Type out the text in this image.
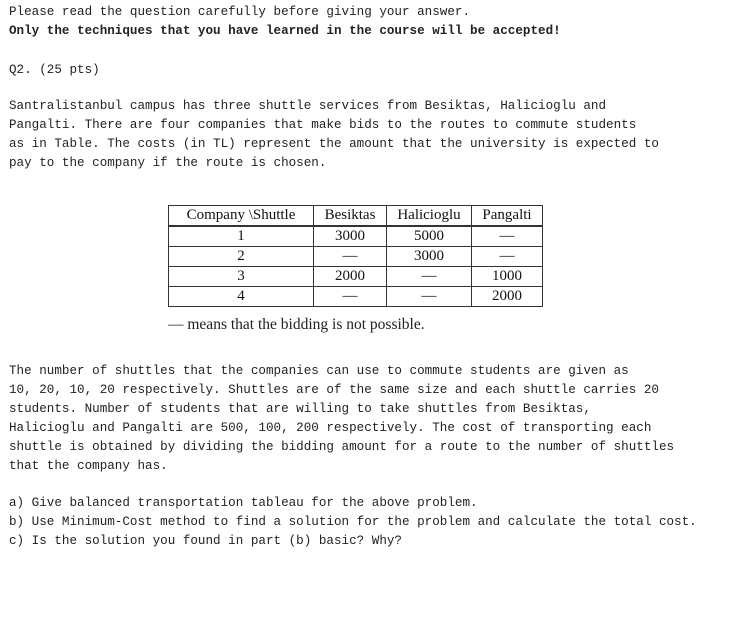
Please read the question carefully before giving your answer.
Only the techniques that you have learned in the course will be accepted!
Q2. (25 pts)
Santralistanbul campus has three shuttle services from Besiktas, Halicioglu and
Pangalti. There are four companies that make bids to the routes to commute students
as in Table. The costs (in TL) represent the amount that the university is expected to
pay to the company if the route is chosen.
Company \Shuttle	Besiktas	Halicioglu	Pangalti
1	3000	5000	—
2	—	3000	—
3	2000	—	1000
4	—	—	2000
— means that the bidding is not possible.
The number of shuttles that the companies can use to commute students are given as
10, 20, 10, 20 respectively. Shuttles are of the same size and each shuttle carries 20
students. Number of students that are willing to take shuttles from Besiktas,
Halicioglu and Pangalti are 500, 100, 200 respectively. The cost of transporting each
shuttle is obtained by dividing the bidding amount for a route to the number of shuttles
that the company has.
a) Give balanced transportation tableau for the above problem.
b) Use Minimum-Cost method to find a solution for the problem and calculate the total cost.
c) Is the solution you found in part (b) basic? Why?
